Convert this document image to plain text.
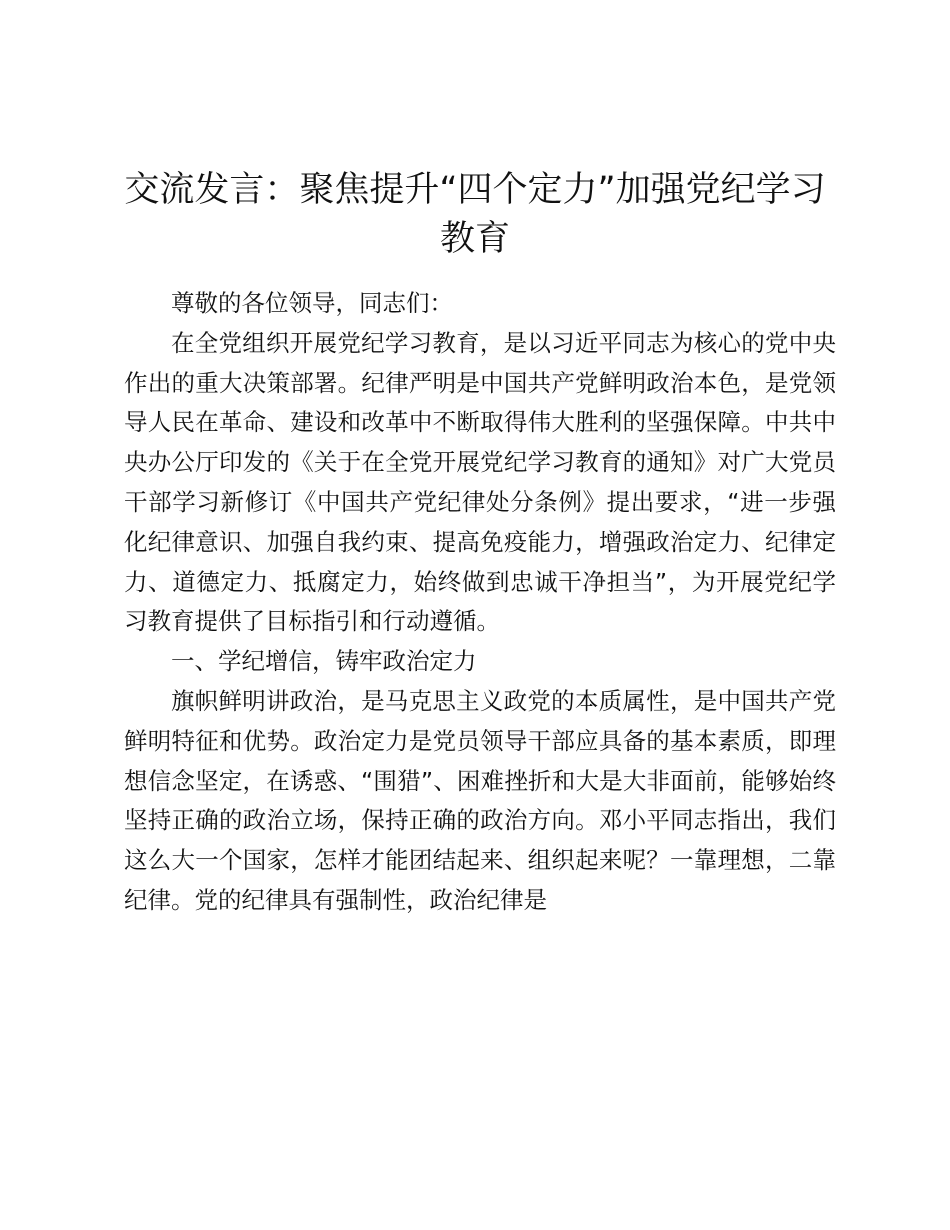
交流发言：聚焦提升“四个定力”加强党纪学习教育

尊敬的各位领导，同志们：

在全党组织开展党纪学习教育，是以习近平同志为核心的党中央作出的重大决策部署。纪律严明是中国共产党鲜明政治本色，是党领导人民在革命、建设和改革中不断取得伟大胜利的坚强保障。中共中央办公厅印发的《关于在全党开展党纪学习教育的通知》对广大党员干部学习新修订《中国共产党纪律处分条例》提出要求，“进一步强化纪律意识、加强自我约束、提高免疫能力，增强政治定力、纪律定力、道德定力、抵腐定力，始终做到忠诚干净担当”，为开展党纪学习教育提供了目标指引和行动遵循。

一、学纪增信，铸牢政治定力

旗帜鲜明讲政治，是马克思主义政党的本质属性，是中国共产党鲜明特征和优势。政治定力是党员领导干部应具备的基本素质，即理想信念坚定，在诱惑、“围猎”、困难挫折和大是大非面前，能够始终坚持正确的政治立场，保持正确的政治方向。邓小平同志指出，我们这么大一个国家，怎样才能团结起来、组织起来呢？一靠理想，二靠纪律。党的纪律具有强制性，政治纪律是
